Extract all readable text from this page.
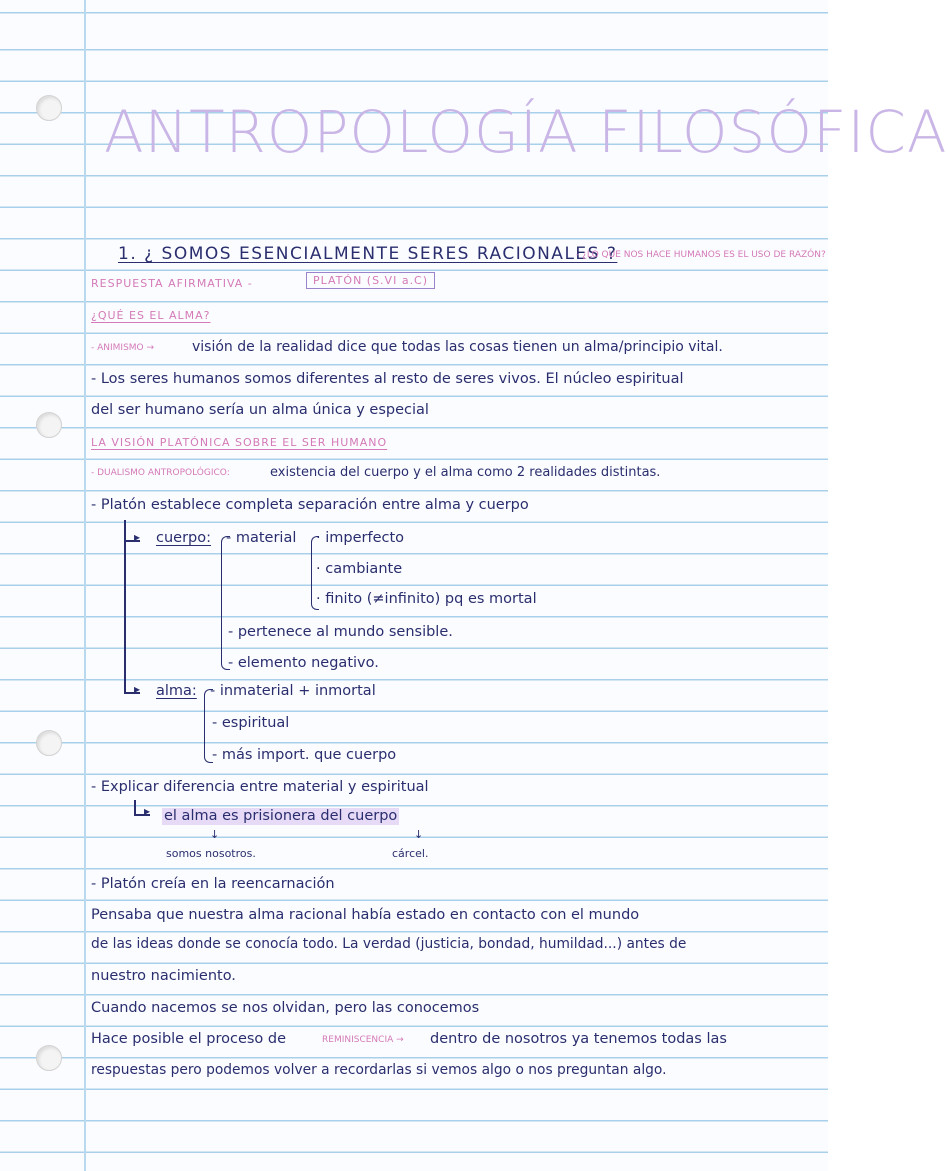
ANTROPOLOGÍA FILOSÓFICA
1. ¿ SOMOS ESENCIALMENTE SERES RACIONALES ?
- ¿LO QUE NOS HACE HUMANOS ES EL USO DE RAZÓN?
RESPUESTA AFIRMATIVA -	PLATÓN (S.VI a.C)
¿QUÉ ES EL ALMA?
- ANIMISMO →	visión de la realidad dice que todas las cosas tienen un alma/principio vital.
- Los seres humanos somos diferentes al resto de seres vivos. El núcleo espiritual
del ser humano sería un alma única y especial
LA VISIÓN PLATÓNICA SOBRE EL SER HUMANO
- DUALISMO ANTROPOLÓGICO:	existencia del cuerpo y el alma como 2 realidades distintas.
- Platón establece completa separación entre alma y cuerpo
▸
▸
cuerpo: - material · imperfecto
· cambiante
· finito (≠infinito) pq es mortal
- pertenece al mundo sensible.
- elemento negativo.
alma: - inmaterial + inmortal
- espiritual
- más import. que cuerpo
- Explicar diferencia entre material y espiritual
▸ el alma es prisionera del cuerpo
↓	↓
somos nosotros.	cárcel.
- Platón creía en la reencarnación
Pensaba que nuestra alma racional había estado en contacto con el mundo
de las ideas donde se conocía todo. La verdad (justicia, bondad, humildad...) antes de
nuestro nacimiento.
Cuando nacemos se nos olvidan, pero las conocemos
Hace posible el proceso de	REMINISCENCIA → dentro de nosotros ya tenemos todas las
respuestas pero podemos volver a recordarlas si vemos algo o nos preguntan algo.
